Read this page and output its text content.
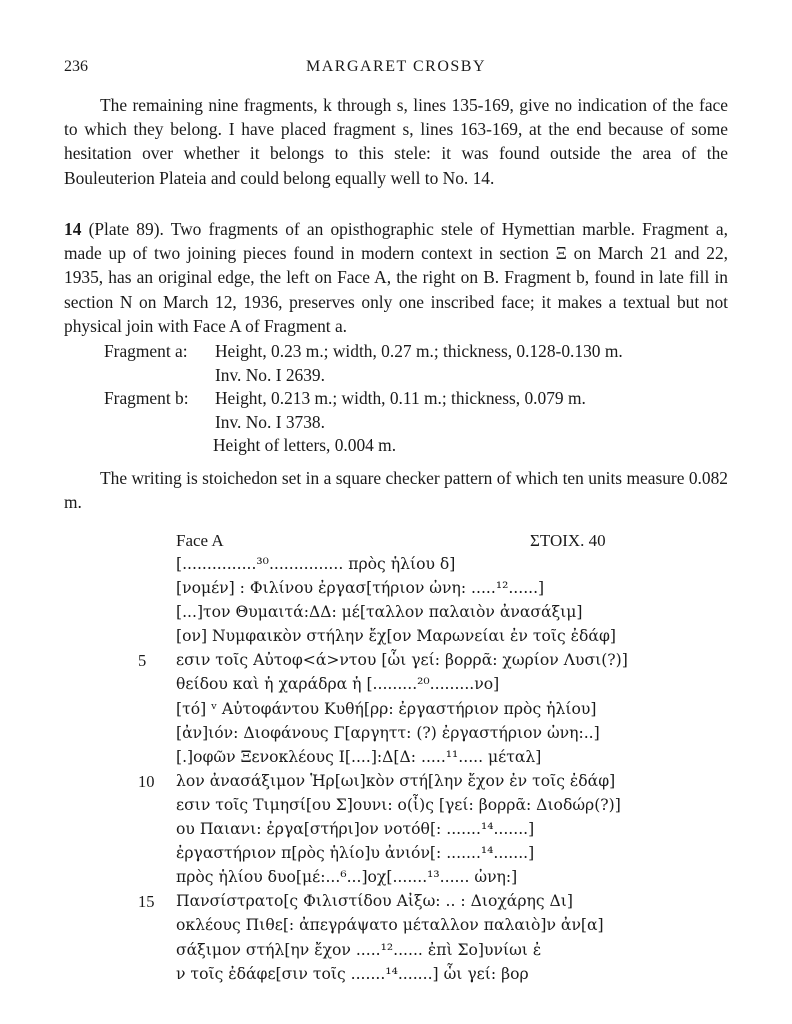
236	MARGARET CROSBY

The remaining nine fragments, k through s, lines 135-169, give no indication of the face to which they belong. I have placed fragment s, lines 163-169, at the end because of some hesitation over whether it belongs to this stele: it was found outside the area of the Bouleuterion Plateia and could belong equally well to No. 14.

14 (Plate 89). Two fragments of an opisthographic stele of Hymettian marble. Fragment a, made up of two joining pieces found in modern context in section Ξ on March 21 and 22, 1935, has an original edge, the left on Face A, the right on B. Fragment b, found in late fill in section N on March 12, 1936, preserves only one inscribed face; it makes a textual but not physical join with Face A of Fragment a.

Fragment a: Height, 0.23 m.; width, 0.27 m.; thickness, 0.128-0.130 m.
Inv. No. I 2639.
Fragment b: Height, 0.213 m.; width, 0.11 m.; thickness, 0.079 m.
Inv. No. I 3738.
Height of letters, 0.004 m.

The writing is stoichedon set in a square checker pattern of which ten units measure 0.082 m.

Face A	ΣΤΟΙΧ. 40
[...............³⁰............... πρὸς ἡλίου δ]
[νομέν] : Φιλίνου ἐργασ[τήριον ὠνη: .....¹²......]
[...]τον Θυμαιτά:ΔΔ: μέ[ταλλον παλαιὸν ἀνασάξιμ]
[ον] Νυμφαικὸν στήλην ἔχ[ον Μαρωνείαι ἐν τοῖς ἐδάφ]
5	εσιν τοῖς Αὐτοφ<ά>ντου [ὧι γεί: βορρᾶ: χωρίον Λυσι(?)]
θείδου καὶ ἡ χαράδρα ἡ [.........²⁰.........νο]
[τό] ᵛ Αὐτοφάντου Κυθή[ρρ: ἐργαστήριον πρὸς ἡλίου]
[ἀν]ιόν: Διοφάνους Γ[αργηττ: (?) ἐργαστήριον ὠνη:..]
[.]οφῶν Ξενοκλέους Ι[....]:Δ[Δ: .....¹¹..... μέταλ]
10	λον ἀνασάξιμον Ἡρ[ωι]κὸν στή[λην ἔχον ἐν τοῖς ἐδάφ]
εσιν τοῖς Τιμησί[ου Σ]ουνι: ο(ἶ)ς [γεί: βορρᾶ: Διοδώρ(?)]
ου Παιανι: ἐργα[στήρι]ον νοτόθ[: .......¹⁴.......]
ἐργαστήριον π[ρὸς ἡλίο]υ ἀνιόν[: .......¹⁴.......]
πρὸς ἡλίου δυο[μέ:...⁶...]οχ[.......¹³...... ὠνη:]
15	Πανσίστρατο[ς Φιλιστίδου Αἰξω: .. : Διοχάρης Δι]
οκλέους Πιθε[: ἀπεγράψατο μέταλλον παλαιὸ]ν ἀν[α]
σάξιμον στήλ[ην ἔχον .....¹²...... ἐπὶ Σο]υνίωι ἐ
ν τοῖς ἐδάφε[σιν τοῖς .......¹⁴.......] ὧι γεί: βορ
